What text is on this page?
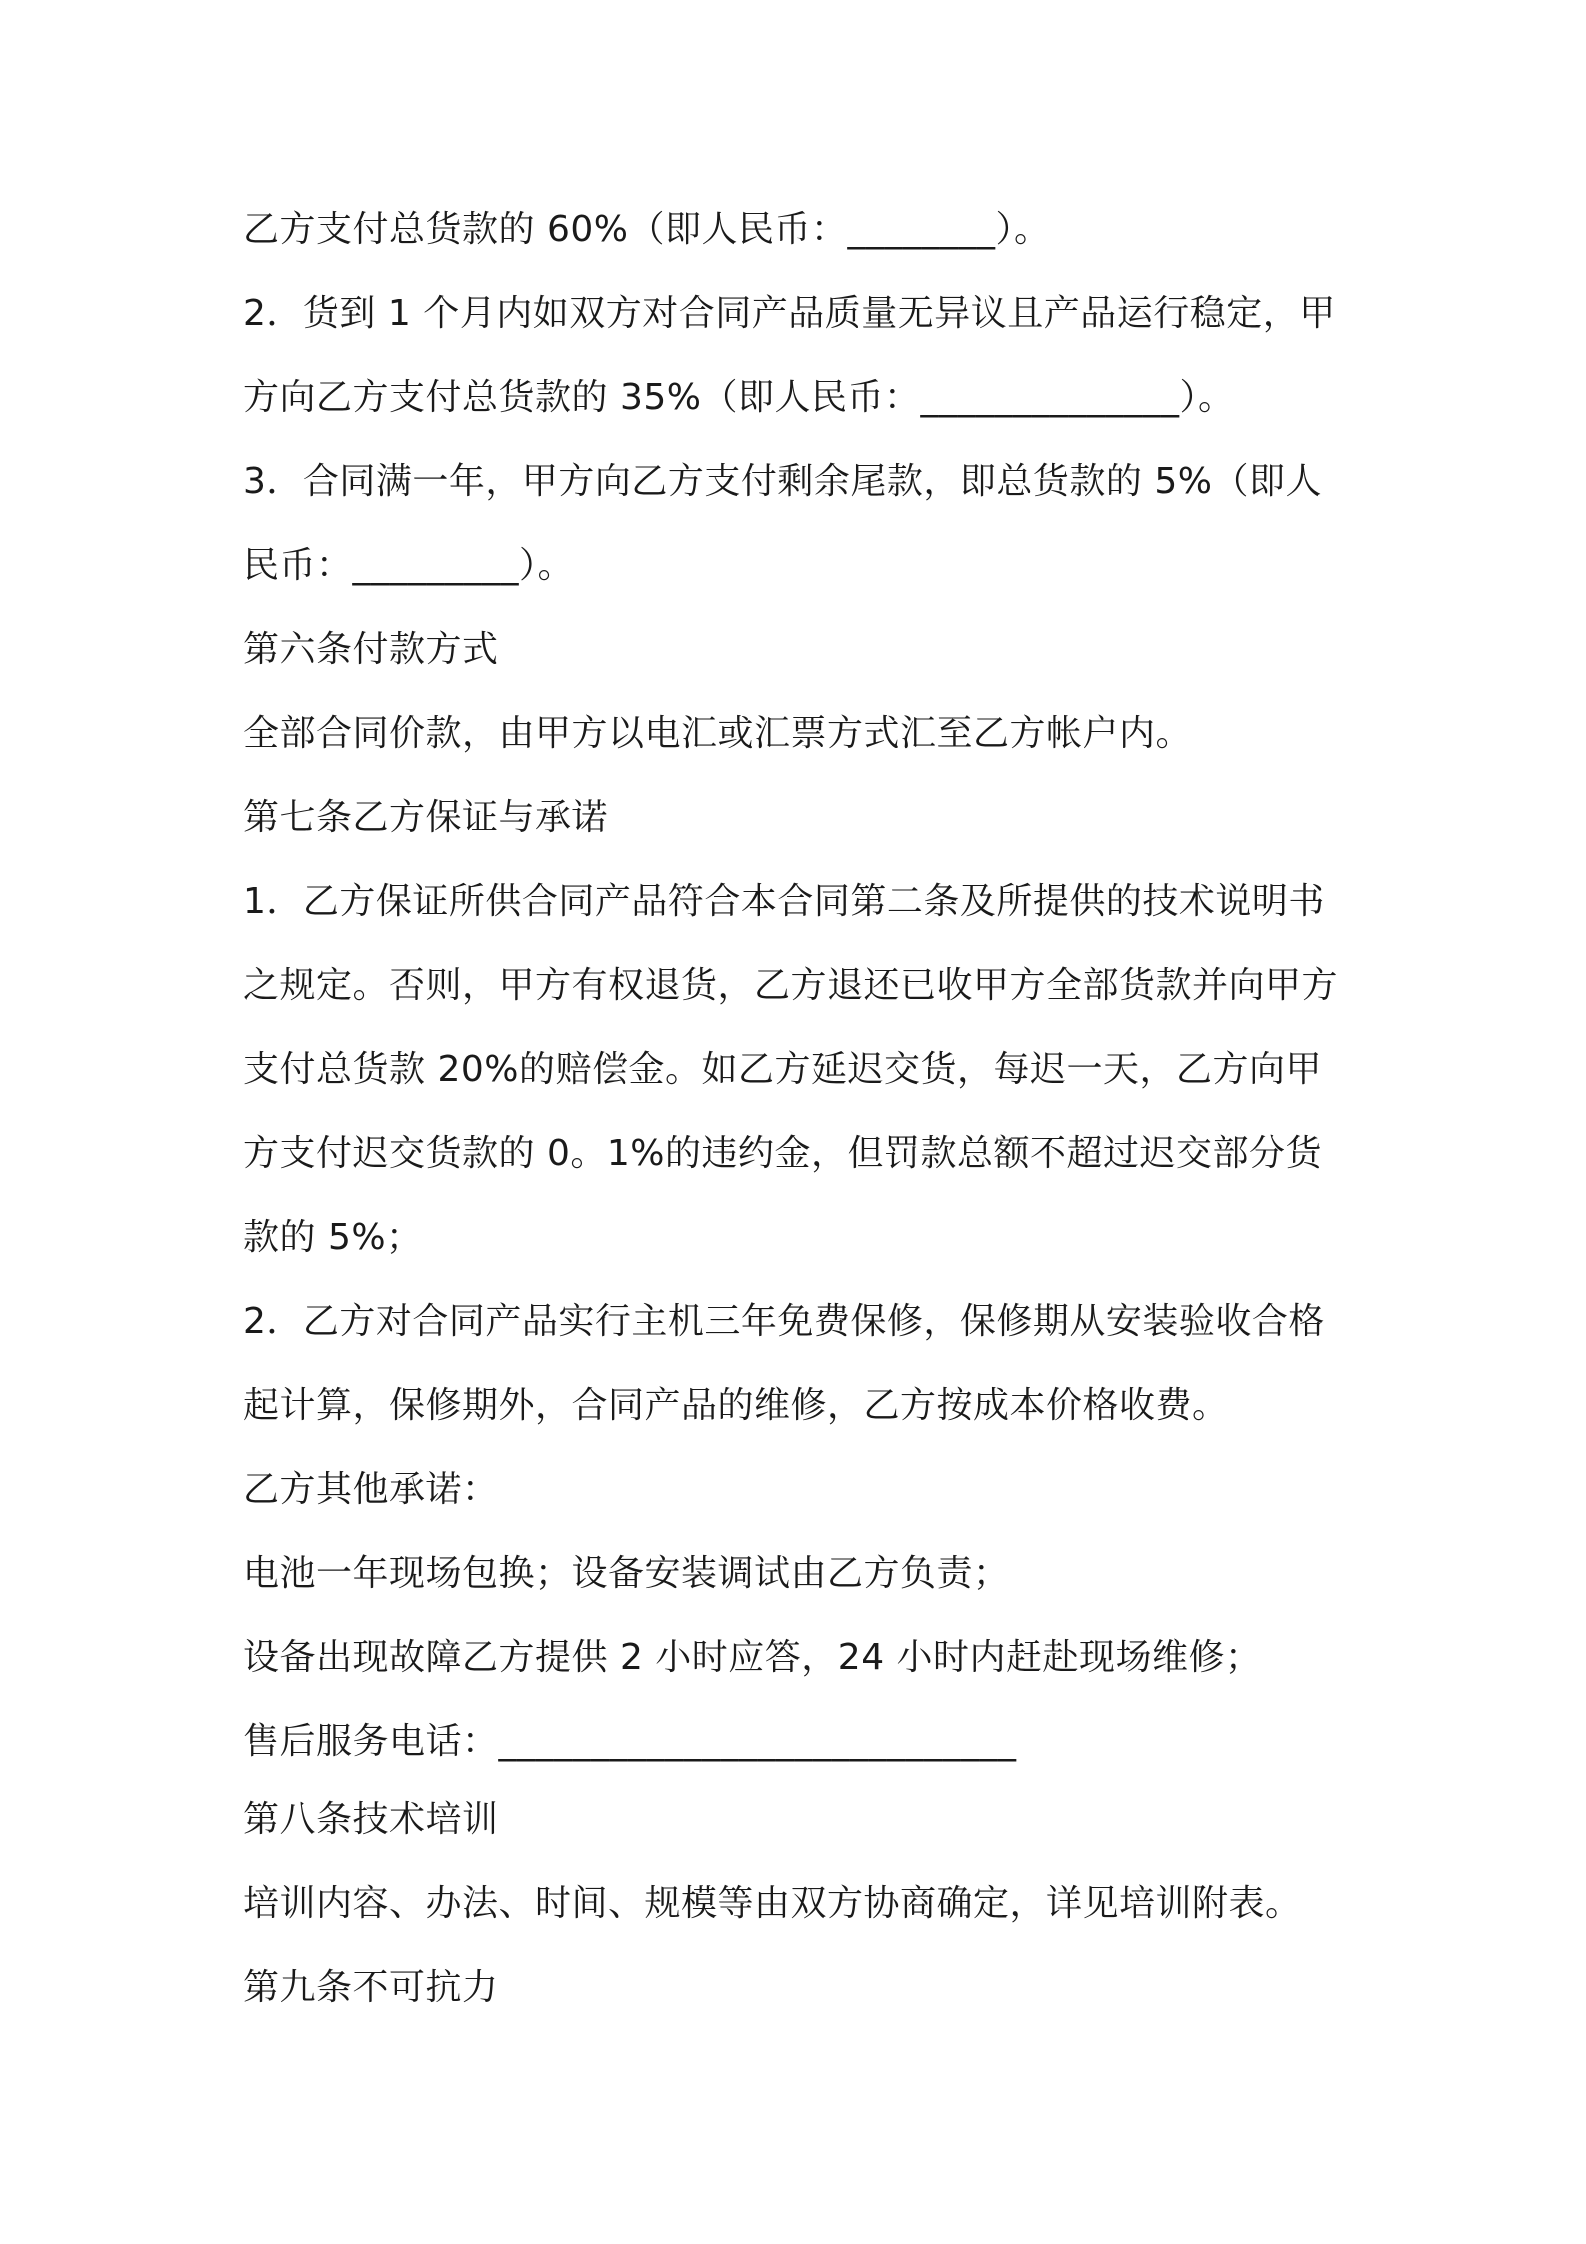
乙方支付总货款的 60%（即人民币：________）。
2．货到 1 个月内如双方对合同产品质量无异议且产品运行稳定，甲
方向乙方支付总货款的 35%（即人民币：______________）。
3．合同满一年，甲方向乙方支付剩余尾款，即总货款的 5%（即人
民币：_________）。
第六条付款方式
全部合同价款，由甲方以电汇或汇票方式汇至乙方帐户内。
第七条乙方保证与承诺
1．乙方保证所供合同产品符合本合同第二条及所提供的技术说明书
之规定。否则，甲方有权退货，乙方退还已收甲方全部货款并向甲方
支付总货款 20%的赔偿金。如乙方延迟交货，每迟一天，乙方向甲
方支付迟交货款的 0。1%的违约金，但罚款总额不超过迟交部分货
款的 5%；
2．乙方对合同产品实行主机三年免费保修，保修期从安装验收合格
起计算，保修期外，合同产品的维修，乙方按成本价格收费。
乙方其他承诺：
电池一年现场包换；设备安装调试由乙方负责；
设备出现故障乙方提供 2 小时应答，24 小时内赶赴现场维修；
售后服务电话：____________________________
第八条技术培训
培训内容、办法、时间、规模等由双方协商确定，详见培训附表。
第九条不可抗力
